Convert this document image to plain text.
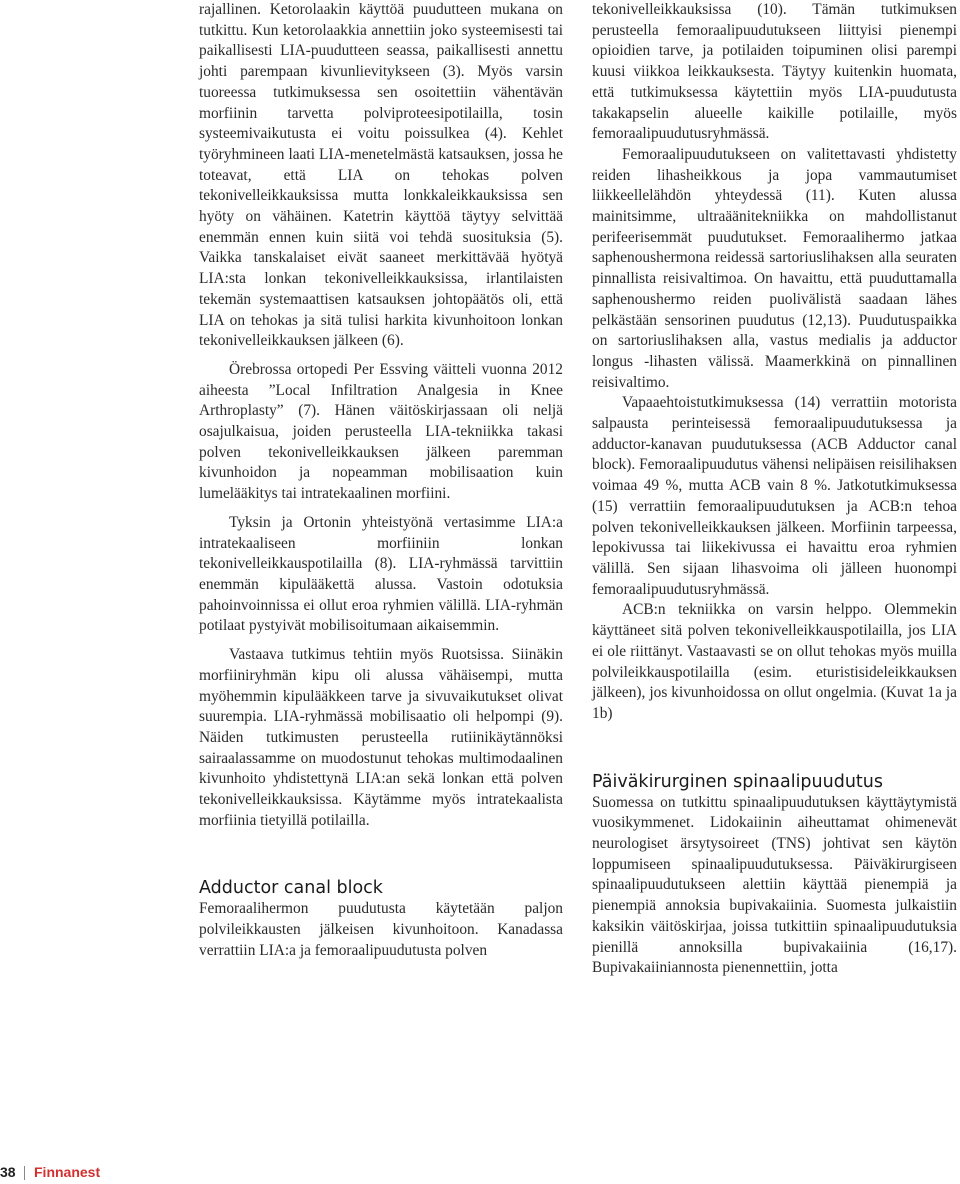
rajallinen. Ketorolaakin käyttöä puudutteen mukana on tutkittu. Kun ketorolaakkia annettiin joko systeemisesti tai paikallisesti LIA-puudutteen seassa, paikallisesti annettu johti parempaan kivunlievitykseen (3). Myös varsin tuoreessa tutkimuksessa sen osoitettiin vähentävän morfiinin tarvetta polviproteesipotilailla, tosin systeemivaikutusta ei voitu poissulkea (4). Kehlet työryhmineen laati LIA-menetelmästä katsauksen, jossa he toteavat, että LIA on tehokas polven tekonivelleikkauksissa mutta lonkkaleikkauksissa sen hyöty on vähäinen. Katetrin käyttöä täytyy selvittää enemmän ennen kuin siitä voi tehdä suosituksia (5). Vaikka tanskalaiset eivät saaneet merkittävää hyötyä LIA:sta lonkan tekonivelleikkauksissa, irlantilaisten tekemän systemaattisen katsauksen johtopäätös oli, että LIA on tehokas ja sitä tulisi harkita kivunhoitoon lonkan tekonivelleikkauksen jälkeen (6).

Örebrossa ortopedi Per Essving väitteli vuonna 2012 aiheesta ”Local Infiltration Analgesia in Knee Arthroplasty” (7). Hänen väitöskirjassaan oli neljä osajulkaisua, joiden perusteella LIA-tekniikka takasi polven tekonivelleikkauksen jälkeen paremman kivunhoidon ja nopeamman mobilisaation kuin lumelääkitys tai intratekaalinen morfiini.

Tyksin ja Ortonin yhteistyönä vertasimme LIA:a intratekaaliseen morfiiniin lonkan tekonivelleikkauspotilailla (8). LIA-ryhmässä tarvittiin enemmän kipulääkettä alussa. Vastoin odotuksia pahoinvoinnissa ei ollut eroa ryhmien välillä. LIA-ryhmän potilaat pystyivät mobilisoitumaan aikaisemmin.

Vastaava tutkimus tehtiin myös Ruotsissa. Siinäkin morfiiniryhmän kipu oli alussa vähäisempi, mutta myöhemmin kipulääkkeen tarve ja sivuvaikutukset olivat suurempia. LIA-ryhmässä mobilisaatio oli helpompi (9). Näiden tutkimusten perusteella rutiinikäytännöksi sairaalassamme on muodostunut tehokas multimodaalinen kivunhoito yhdistettynä LIA:an sekä lonkan että polven tekonivelleikkauksissa. Käytämme myös intratekaalista morfiinia tietyillä potilailla.

Adductor canal block

Femoraalihermon puudutusta käytetään paljon polvileikkausten jälkeisen kivunhoitoon. Kanadassa verrattiin LIA:a ja femoraalipuudutusta polven

tekonivelleikkauksissa (10). Tämän tutkimuksen perusteella femoraalipuudutukseen liittyisi pienempi opioidien tarve, ja potilaiden toipuminen olisi parempi kuusi viikkoa leikkauksesta. Täytyy kuitenkin huomata, että tutkimuksessa käytettiin myös LIA-puudutusta takakapselin alueelle kaikille potilaille, myös femoraalipuudutusryhmässä.

Femoraalipuudutukseen on valitettavasti yhdistetty reiden lihasheikkous ja jopa vammautumiset liikkeellelähdön yhteydessä (11). Kuten alussa mainitsimme, ultraäänitekniikka on mahdollistanut perifeerisemmät puudutukset. Femoraalihermo jatkaa saphenoushermona reidessä sartoriuslihaksen alla seuraten pinnallista reisivaltimoa. On havaittu, että puuduttamalla saphenoushermo reiden puolivälistä saadaan lähes pelkästään sensorinen puudutus (12,13). Puudutuspaikka on sartoriuslihaksen alla, vastus medialis ja adductor longus -lihasten välissä. Maamerkkinä on pinnallinen reisivaltimo.

Vapaaehtoistutkimuksessa (14) verrattiin motorista salpausta perinteisessä femoraalipuudutuksessa ja adductor-kanavan puudutuksessa (ACB Adductor canal block). Femoraalipuudutus vähensi nelipäisen reisilihaksen voimaa 49 %, mutta ACB vain 8 %. Jatkotutkimuksessa (15) verrattiin femoraalipuudutuksen ja ACB:n tehoa polven tekonivelleikkauksen jälkeen. Morfiinin tarpeessa, lepokivussa tai liikekivussa ei havaittu eroa ryhmien välillä. Sen sijaan lihasvoima oli jälleen huonompi femoraalipuudutusryhmässä.

ACB:n tekniikka on varsin helppo. Olemmekin käyttäneet sitä polven tekonivelleikkauspotilailla, jos LIA ei ole riittänyt. Vastaavasti se on ollut tehokas myös muilla polvileikkauspotilailla (esim. eturistisideleikkauksen jälkeen), jos kivunhoidossa on ollut ongelmia. (Kuvat 1a ja 1b)

Päiväkirurginen spinaalipuudutus

Suomessa on tutkittu spinaalipuudutuksen käyttäytymistä vuosikymmenet. Lidokaiinin aiheuttamat ohimenevät neurologiset ärsytysoireet (TNS) johtivat sen käytön loppumiseen spinaalipuudutuksessa. Päiväkirurgiseen spinaalipuudutukseen alettiin käyttää pienempiä ja pienempiä annoksia bupivakaiinia. Suomesta julkaistiin kaksikin väitöskirjaa, joissa tutkittiin spinaalipuudutuksia pienillä annoksilla bupivakaiinia (16,17). Bupivakaiiniannosta pienennettiin, jotta

38 Finnanest
